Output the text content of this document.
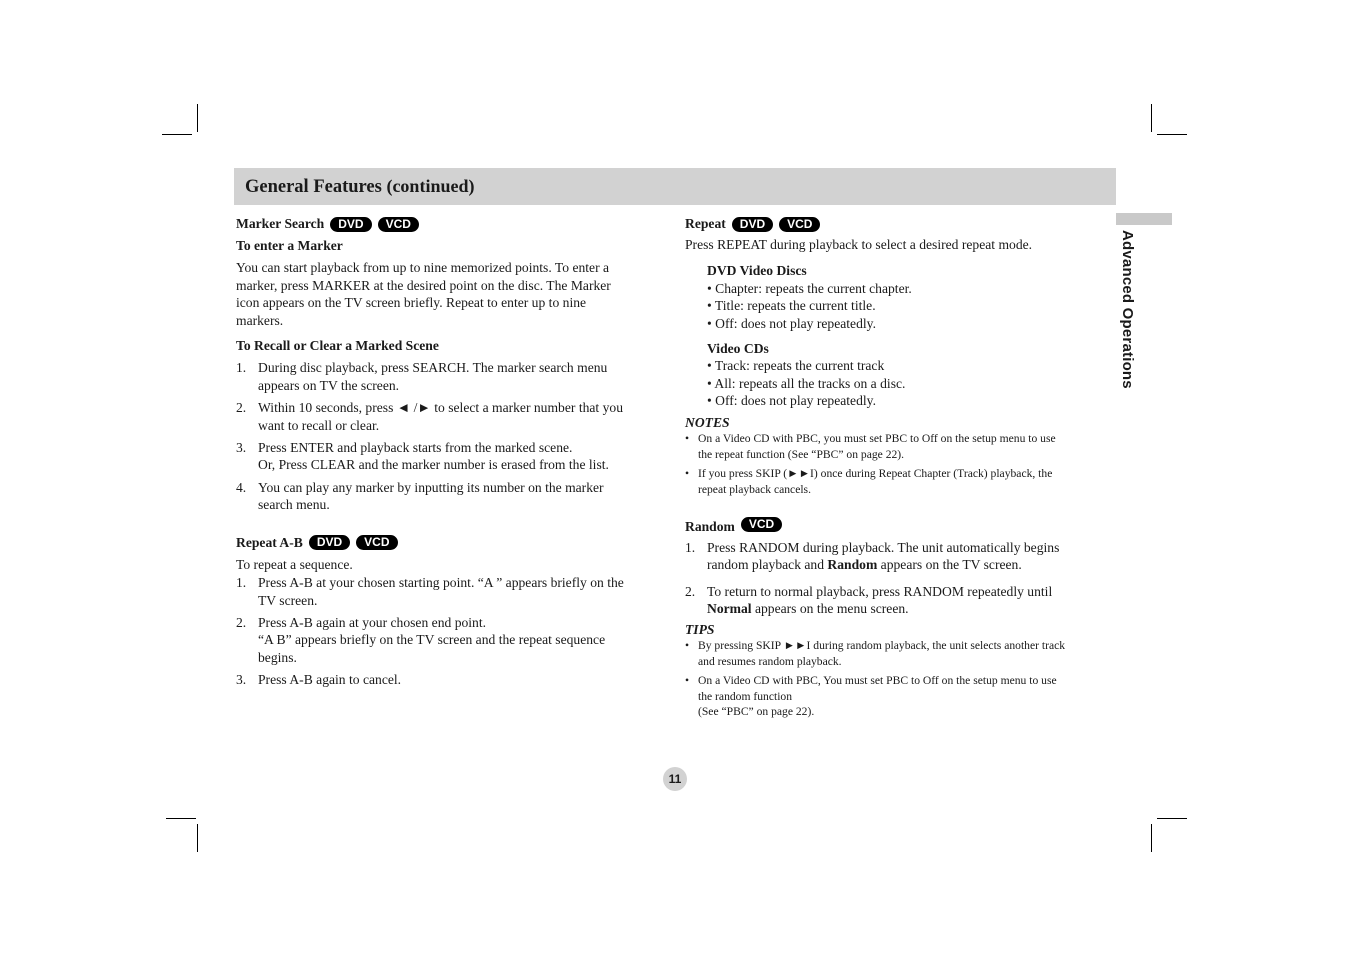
General Features (continued)
Advanced Operations
Marker Search	DVD	VCD
To enter a Marker

You can start playback from up to nine memorized points. To enter a
marker, press MARKER at the desired point on the disc. The Marker
icon appears on the TV screen briefly. Repeat to enter up to nine
markers.

To Recall or Clear a Marked Scene
1. During disc playback, press SEARCH. The marker search menu
appears on TV the screen.
2. Within 10 seconds, press ◄ /► to select a marker number that you
want to recall or clear.
3. Press ENTER and playback starts from the marked scene.
Or, Press CLEAR and the marker number is erased from the list.
4. You can play any marker by inputting its number on the marker
search menu.
Repeat A-B	DVD	VCD

To repeat a sequence.

1. Press A-B at your chosen starting point. “A ” appears briefly on the
TV screen.
2. Press A-B again at your chosen end point.
“A B” appears briefly on the TV screen and the repeat sequence
begins.
3. Press A-B again to cancel.
Repeat	DVD	VCD

Press REPEAT during playback to select a desired repeat mode.

DVD Video Discs
• Chapter: repeats the current chapter.
• Title: repeats the current title.
• Off: does not play repeatedly.
Video CDs
• Track: repeats the current track
• All: repeats all the tracks on a disc.
• Off: does not play repeatedly.
NOTES
• On a Video CD with PBC, you must set PBC to Off on the setup menu to use
the repeat function (See “PBC” on page 22).
• If you press SKIP (►►I) once during Repeat Chapter (Track) playback, the
repeat playback cancels.
Random	VCD
1. Press RANDOM during playback. The unit automatically begins
random playback and Random appears on the TV screen.
2. To return to normal playback, press RANDOM repeatedly until
Normal appears on the menu screen.
TIPS
• By pressing SKIP ►►I during random playback, the unit selects another track
and resumes random playback.
• On a Video CD with PBC, You must set PBC to Off on the setup menu to use
the random function
(See “PBC” on page 22).
11
